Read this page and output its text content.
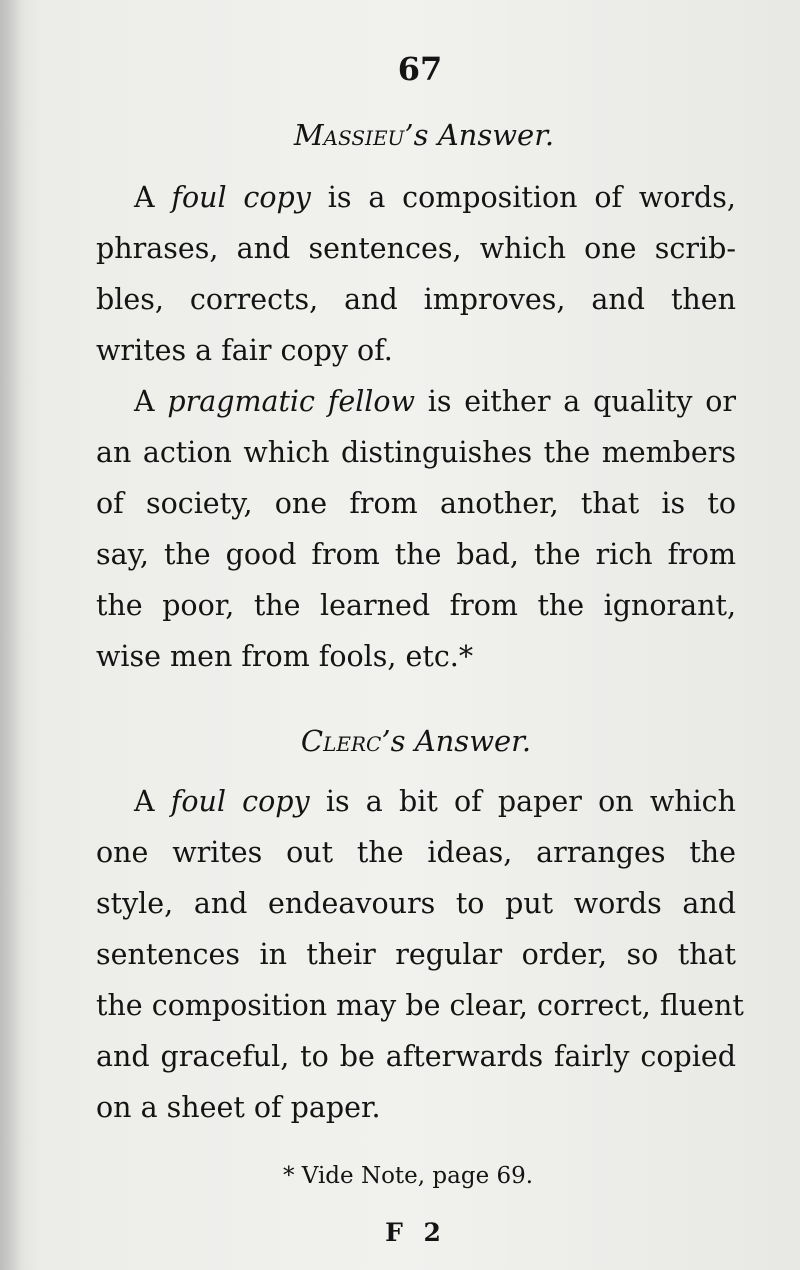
67
Massieu’s Answer.
A foul copy is a composition of words,
phrases, and sentences, which one scrib-
bles, corrects, and improves, and then
writes a fair copy of.
A pragmatic fellow is either a quality or
an action which distinguishes the members
of society, one from another, that is to
say, the good from the bad, the rich from
the poor, the learned from the ignorant,
wise men from fools, etc.*
Clerc’s Answer.
A foul copy is a bit of paper on which
one writes out the ideas, arranges the
style, and endeavours to put words and
sentences in their regular order, so that
the composition may be clear, correct, fluent
and graceful, to be afterwards fairly copied
on a sheet of paper.
* Vide Note, page 69.
F 2
